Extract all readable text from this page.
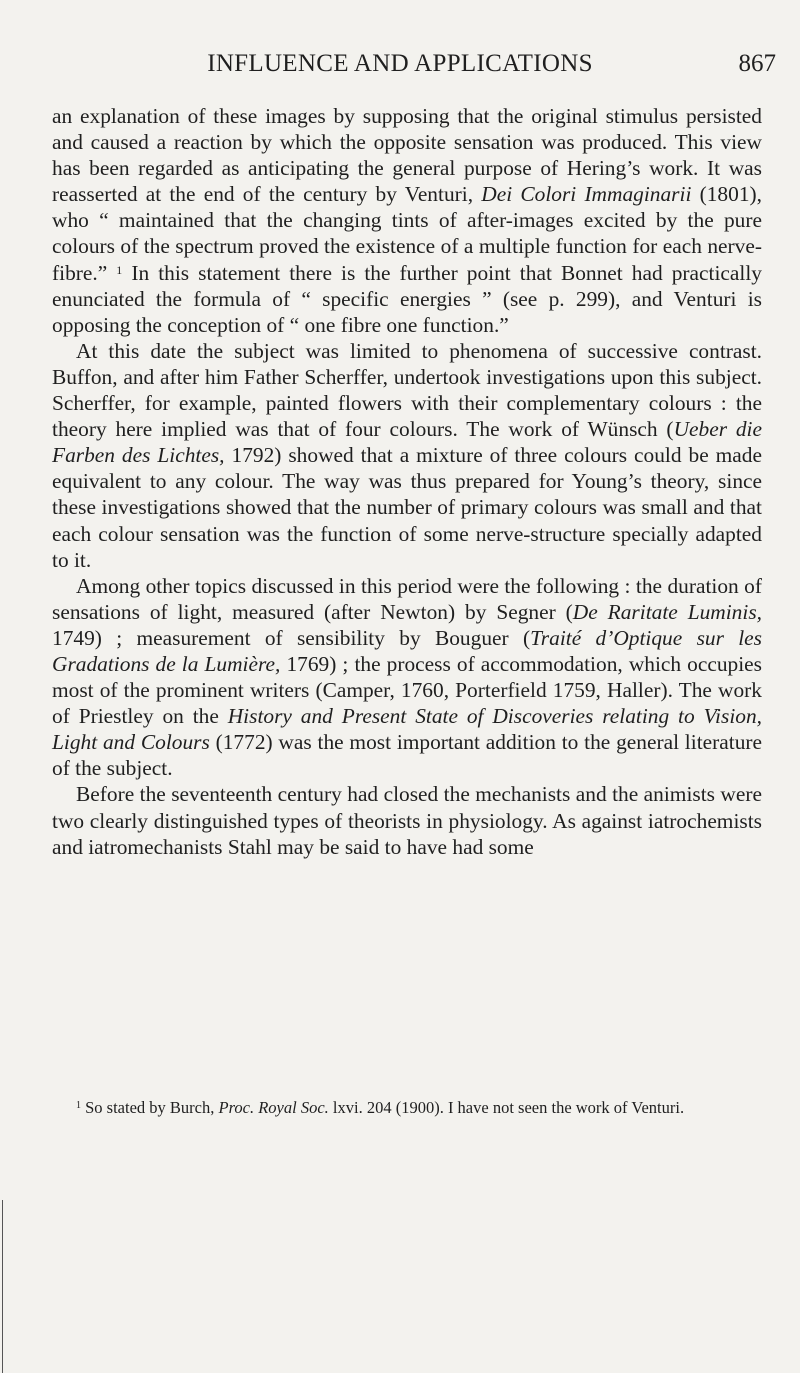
INFLUENCE AND APPLICATIONS	867

an explanation of these images by supposing that the original stimulus persisted and caused a reaction by which the opposite sensation was produced. This view has been regarded as anticipating the general purpose of Hering’s work. It was reasserted at the end of the century by Venturi, Dei Colori Immaginarii (1801), who “ maintained that the changing tints of after-images excited by the pure colours of the spectrum proved the existence of a multiple function for each nerve-fibre.” $^1$ In this statement there is the further point that Bonnet had practically enunciated the formula of “ specific energies ” (see p. 299), and Venturi is opposing the conception of “ one fibre one function.”

At this date the subject was limited to phenomena of successive contrast. Buffon, and after him Father Scherffer, undertook investigations upon this subject. Scherffer, for example, painted flowers with their complementary colours : the theory here implied was that of four colours. The work of Wünsch (Ueber die Farben des Lichtes, 1792) showed that a mixture of three colours could be made equivalent to any colour. The way was thus prepared for Young’s theory, since these investigations showed that the number of primary colours was small and that each colour sensation was the function of some nerve-structure specially adapted to it.

Among other topics discussed in this period were the following : the duration of sensations of light, measured (after Newton) by Segner (De Raritate Luminis, 1749) ; measurement of sensibility by Bouguer (Traité d’Optique sur les Gradations de la Lumière, 1769) ; the process of accommodation, which occupies most of the prominent writers (Camper, 1760, Porterfield 1759, Haller). The work of Priestley on the History and Present State of Discoveries relating to Vision, Light and Colours (1772) was the most important addition to the general literature of the subject.

Before the seventeenth century had closed the mechanists and the animists were two clearly distinguished types of theorists in physiology. As against iatrochemists and iatromechanists Stahl may be said to have had some

$^1$ So stated by Burch, Proc. Royal Soc. lxvi. 204 (1900). I have not seen the work of Venturi.
